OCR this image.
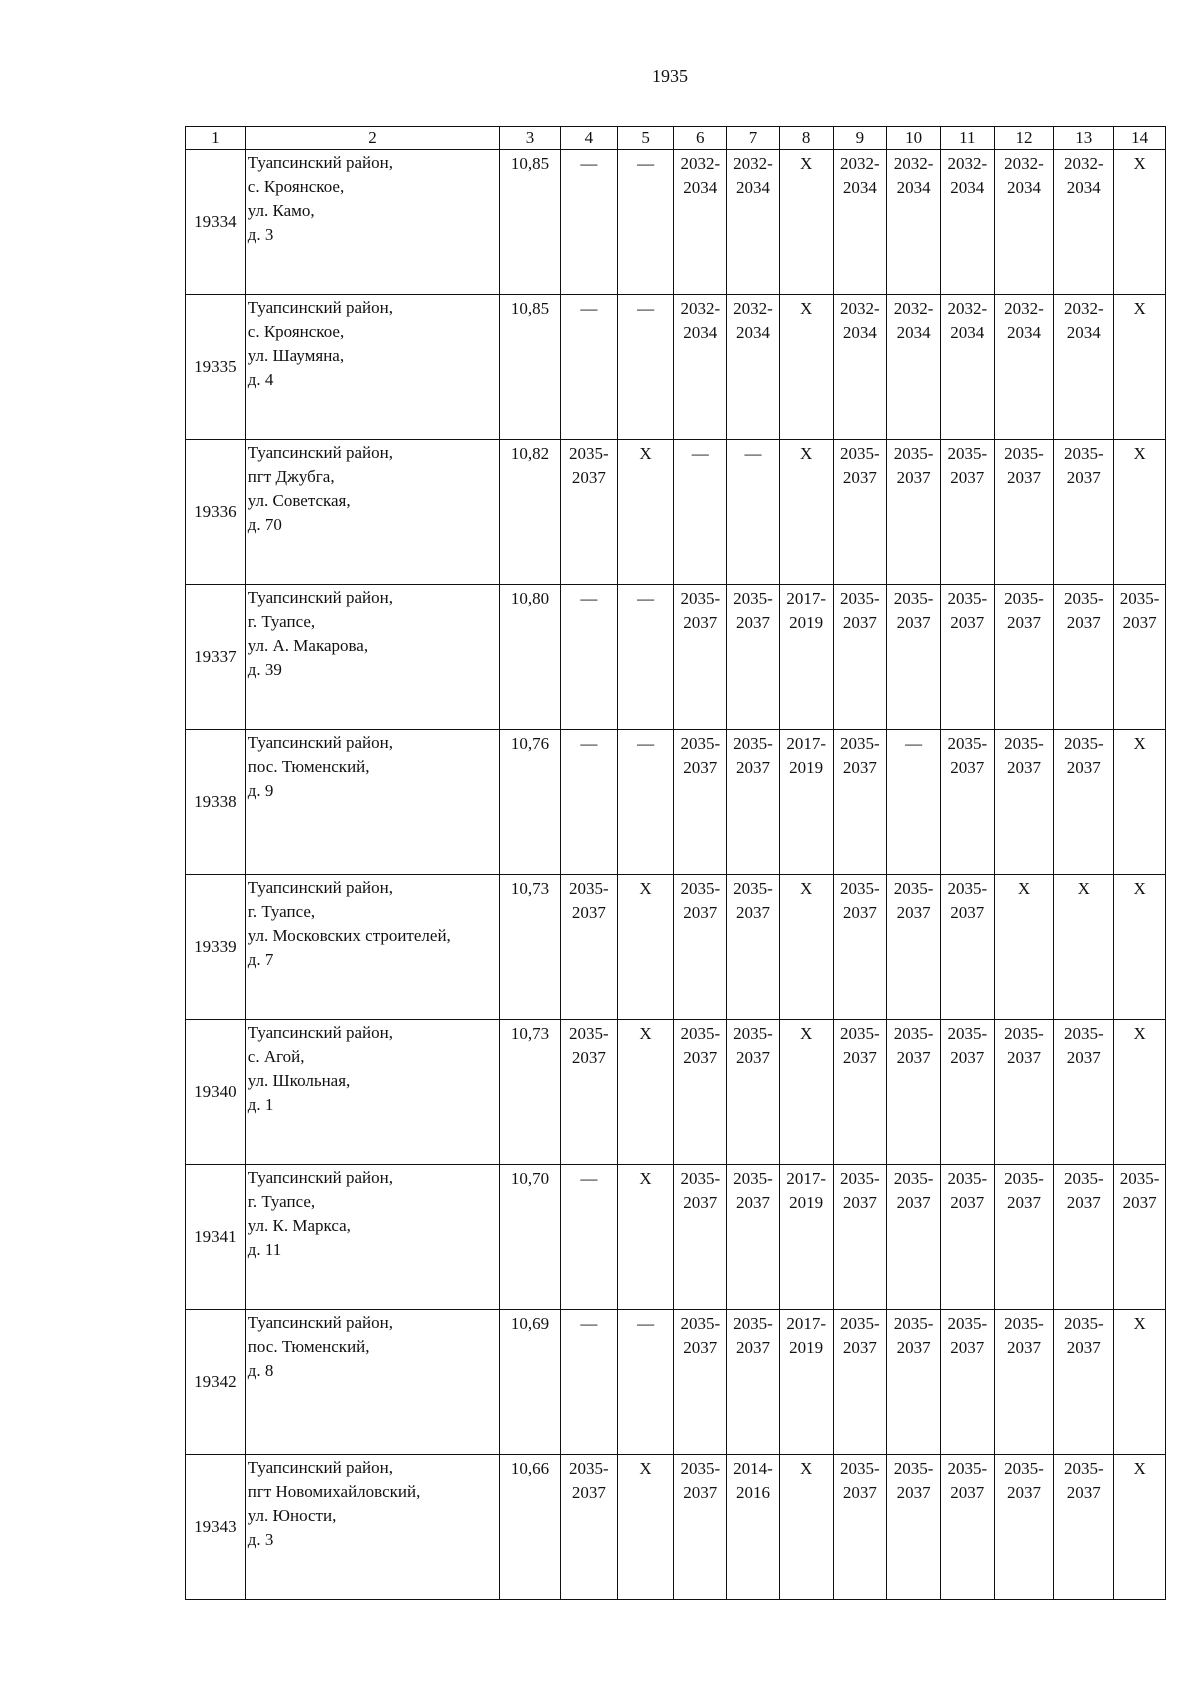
1935
1	2	3	4	5	6	7	8	9	10	11	12	13	14
19334	Туапсинский район,
с. Кроянское,
ул. Камо,
д. 3	10,85	—	—	2032-
2034	2032-
2034	X	2032-
2034	2032-
2034	2032-
2034	2032-
2034	2032-
2034	X
19335	Туапсинский район,
с. Кроянское,
ул. Шаумяна,
д. 4	10,85	—	—	2032-
2034	2032-
2034	X	2032-
2034	2032-
2034	2032-
2034	2032-
2034	2032-
2034	X
19336	Туапсинский район,
пгт Джубга,
ул. Советская,
д. 70	10,82	2035-
2037	X	—	—	X	2035-
2037	2035-
2037	2035-
2037	2035-
2037	2035-
2037	X
19337	Туапсинский район,
г. Туапсе,
ул. А. Макарова,
д. 39	10,80	—	—	2035-
2037	2035-
2037	2017-
2019	2035-
2037	2035-
2037	2035-
2037	2035-
2037	2035-
2037	2035-
2037
19338	Туапсинский район,
пос. Тюменский,
д. 9	10,76	—	—	2035-
2037	2035-
2037	2017-
2019	2035-
2037	—	2035-
2037	2035-
2037	2035-
2037	X
19339	Туапсинский район,
г. Туапсе,
ул. Московских строителей,
д. 7	10,73	2035-
2037	X	2035-
2037	2035-
2037	X	2035-
2037	2035-
2037	2035-
2037	X	X	X
19340	Туапсинский район,
с. Агой,
ул. Школьная,
д. 1	10,73	2035-
2037	X	2035-
2037	2035-
2037	X	2035-
2037	2035-
2037	2035-
2037	2035-
2037	2035-
2037	X
19341	Туапсинский район,
г. Туапсе,
ул. К. Маркса,
д. 11	10,70	—	X	2035-
2037	2035-
2037	2017-
2019	2035-
2037	2035-
2037	2035-
2037	2035-
2037	2035-
2037	2035-
2037
19342	Туапсинский район,
пос. Тюменский,
д. 8	10,69	—	—	2035-
2037	2035-
2037	2017-
2019	2035-
2037	2035-
2037	2035-
2037	2035-
2037	2035-
2037	X
19343	Туапсинский район,
пгт Новомихайловский,
ул. Юности,
д. 3	10,66	2035-
2037	X	2035-
2037	2014-
2016	X	2035-
2037	2035-
2037	2035-
2037	2035-
2037	2035-
2037	X
